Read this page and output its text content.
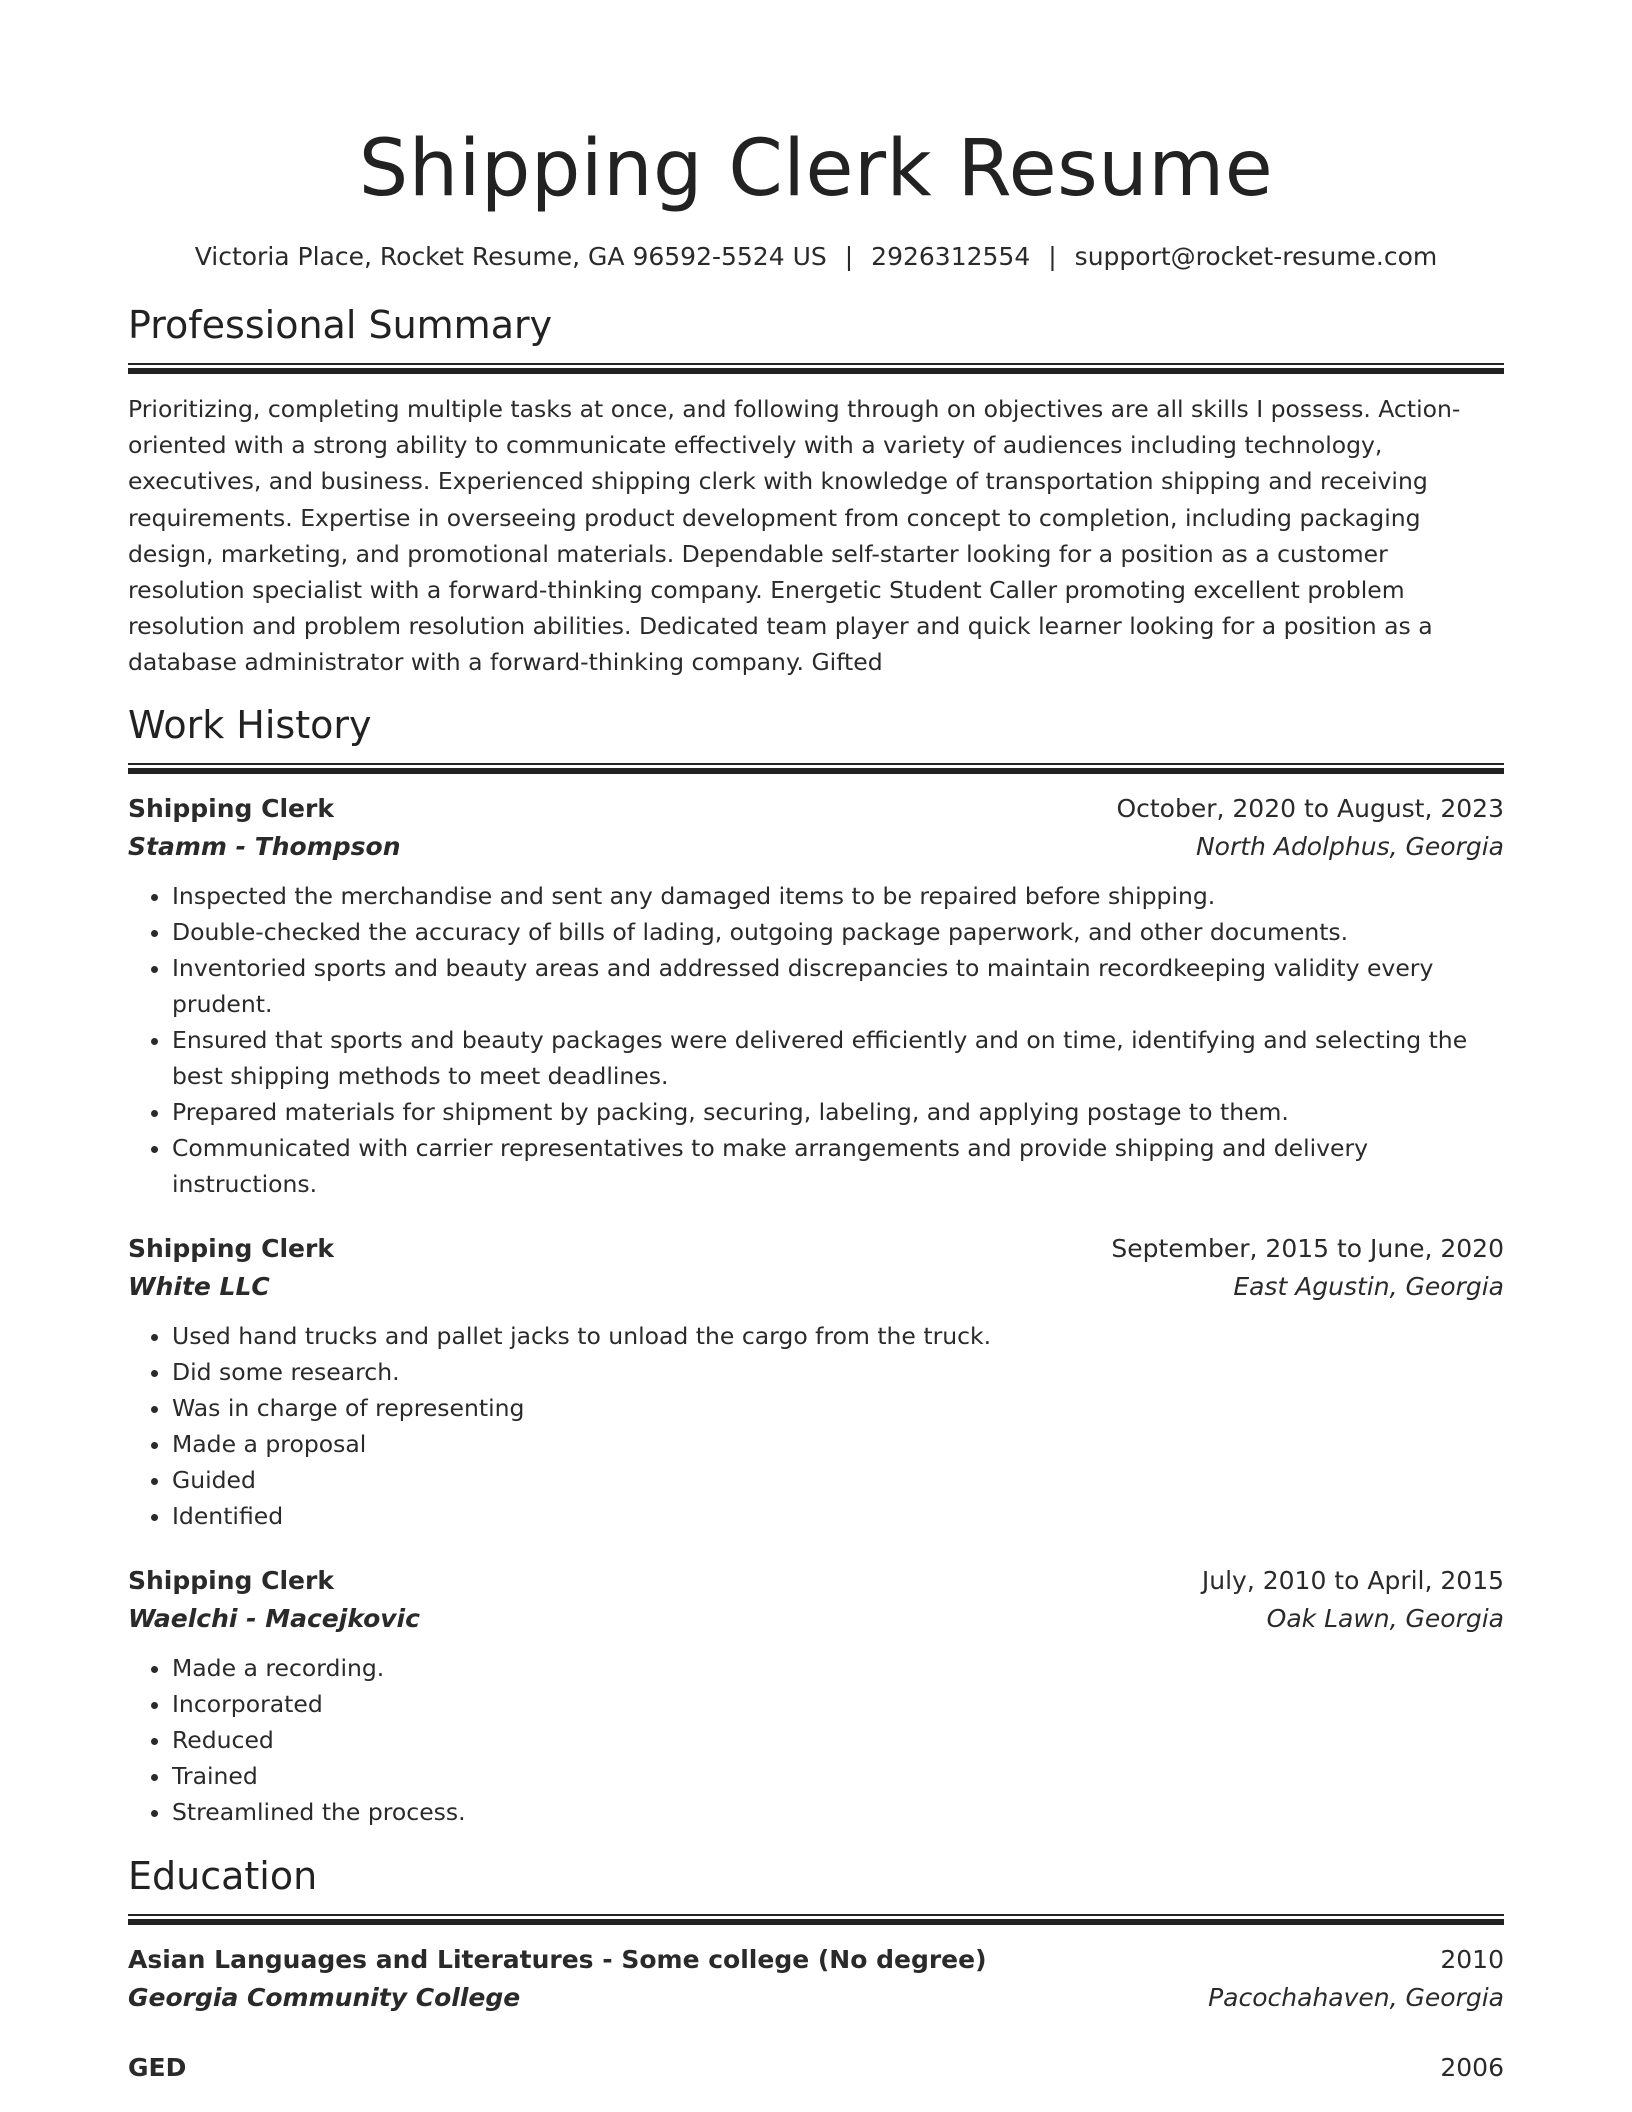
Shipping Clerk Resume
Victoria Place, Rocket Resume, GA 96592-5524 US | 2926312554 | support@rocket-resume.com
Professional Summary
Prioritizing, completing multiple tasks at once, and following through on objectives are all skills I possess. Action-oriented with a strong ability to communicate effectively with a variety of audiences including technology, executives, and business. Experienced shipping clerk with knowledge of transportation shipping and receiving requirements. Expertise in overseeing product development from concept to completion, including packaging design, marketing, and promotional materials. Dependable self-starter looking for a position as a customer resolution specialist with a forward-thinking company. Energetic Student Caller promoting excellent problem resolution and problem resolution abilities. Dedicated team player and quick learner looking for a position as a database administrator with a forward-thinking company. Gifted
Work History
Shipping Clerk	October, 2020 to August, 2023
Stamm - Thompson	North Adolphus, Georgia
• Inspected the merchandise and sent any damaged items to be repaired before shipping.
• Double-checked the accuracy of bills of lading, outgoing package paperwork, and other documents.
• Inventoried sports and beauty areas and addressed discrepancies to maintain recordkeeping validity every prudent.
• Ensured that sports and beauty packages were delivered efficiently and on time, identifying and selecting the best shipping methods to meet deadlines.
• Prepared materials for shipment by packing, securing, labeling, and applying postage to them.
• Communicated with carrier representatives to make arrangements and provide shipping and delivery instructions.
Shipping Clerk	September, 2015 to June, 2020
White LLC	East Agustin, Georgia
• Used hand trucks and pallet jacks to unload the cargo from the truck.
• Did some research.
• Was in charge of representing
• Made a proposal
• Guided
• Identified
Shipping Clerk	July, 2010 to April, 2015
Waelchi - Macejkovic	Oak Lawn, Georgia
• Made a recording.
• Incorporated
• Reduced
• Trained
• Streamlined the process.
Education
Asian Languages and Literatures - Some college (No degree)	2010
Georgia Community College	Pacochahaven, Georgia
GED	2006
